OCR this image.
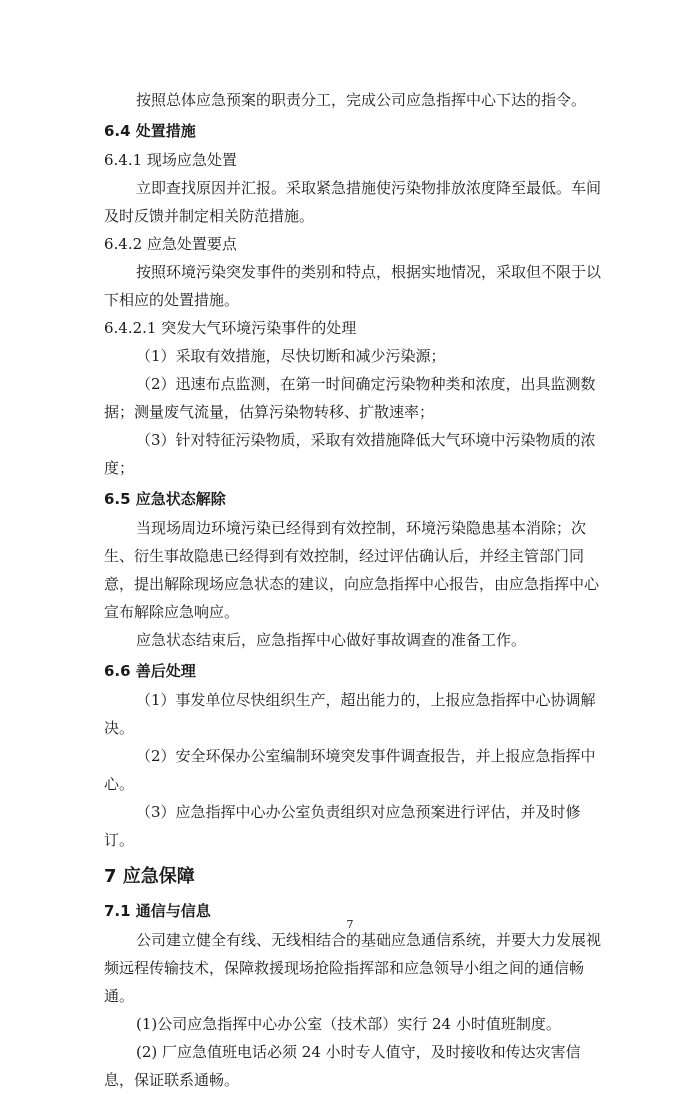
按照总体应急预案的职责分工，完成公司应急指挥中心下达的指令。

6.4 处置措施

6.4.1 现场应急处置

立即查找原因并汇报。采取紧急措施使污染物排放浓度降至最低。车间及时反馈并制定相关防范措施。

6.4.2 应急处置要点

按照环境污染突发事件的类别和特点，根据实地情况，采取但不限于以下相应的处置措施。

6.4.2.1 突发大气环境污染事件的处理

（1）采取有效措施，尽快切断和减少污染源；

（2）迅速布点监测，在第一时间确定污染物种类和浓度，出具监测数据；测量废气流量，估算污染物转移、扩散速率；

（3）针对特征污染物质，采取有效措施降低大气环境中污染物质的浓度；

6.5 应急状态解除

当现场周边环境污染已经得到有效控制，环境污染隐患基本消除；次生、衍生事故隐患已经得到有效控制，经过评估确认后，并经主管部门同意，提出解除现场应急状态的建议，向应急指挥中心报告，由应急指挥中心宣布解除应急响应。

应急状态结束后，应急指挥中心做好事故调查的准备工作。

6.6 善后处理

（1）事发单位尽快组织生产，超出能力的，上报应急指挥中心协调解决。

（2）安全环保办公室编制环境突发事件调查报告，并上报应急指挥中心。

（3）应急指挥中心办公室负责组织对应急预案进行评估，并及时修订。

7 应急保障

7.1 通信与信息

公司建立健全有线、无线相结合的基础应急通信系统，并要大力发展视频远程传输技术，保障救援现场抢险指挥部和应急领导小组之间的通信畅通。

(1)公司应急指挥中心办公室（技术部）实行 24 小时值班制度。

(2) 厂应急值班电话必须 24 小时专人值守，及时接收和传达灾害信息，保证联系通畅。

7
